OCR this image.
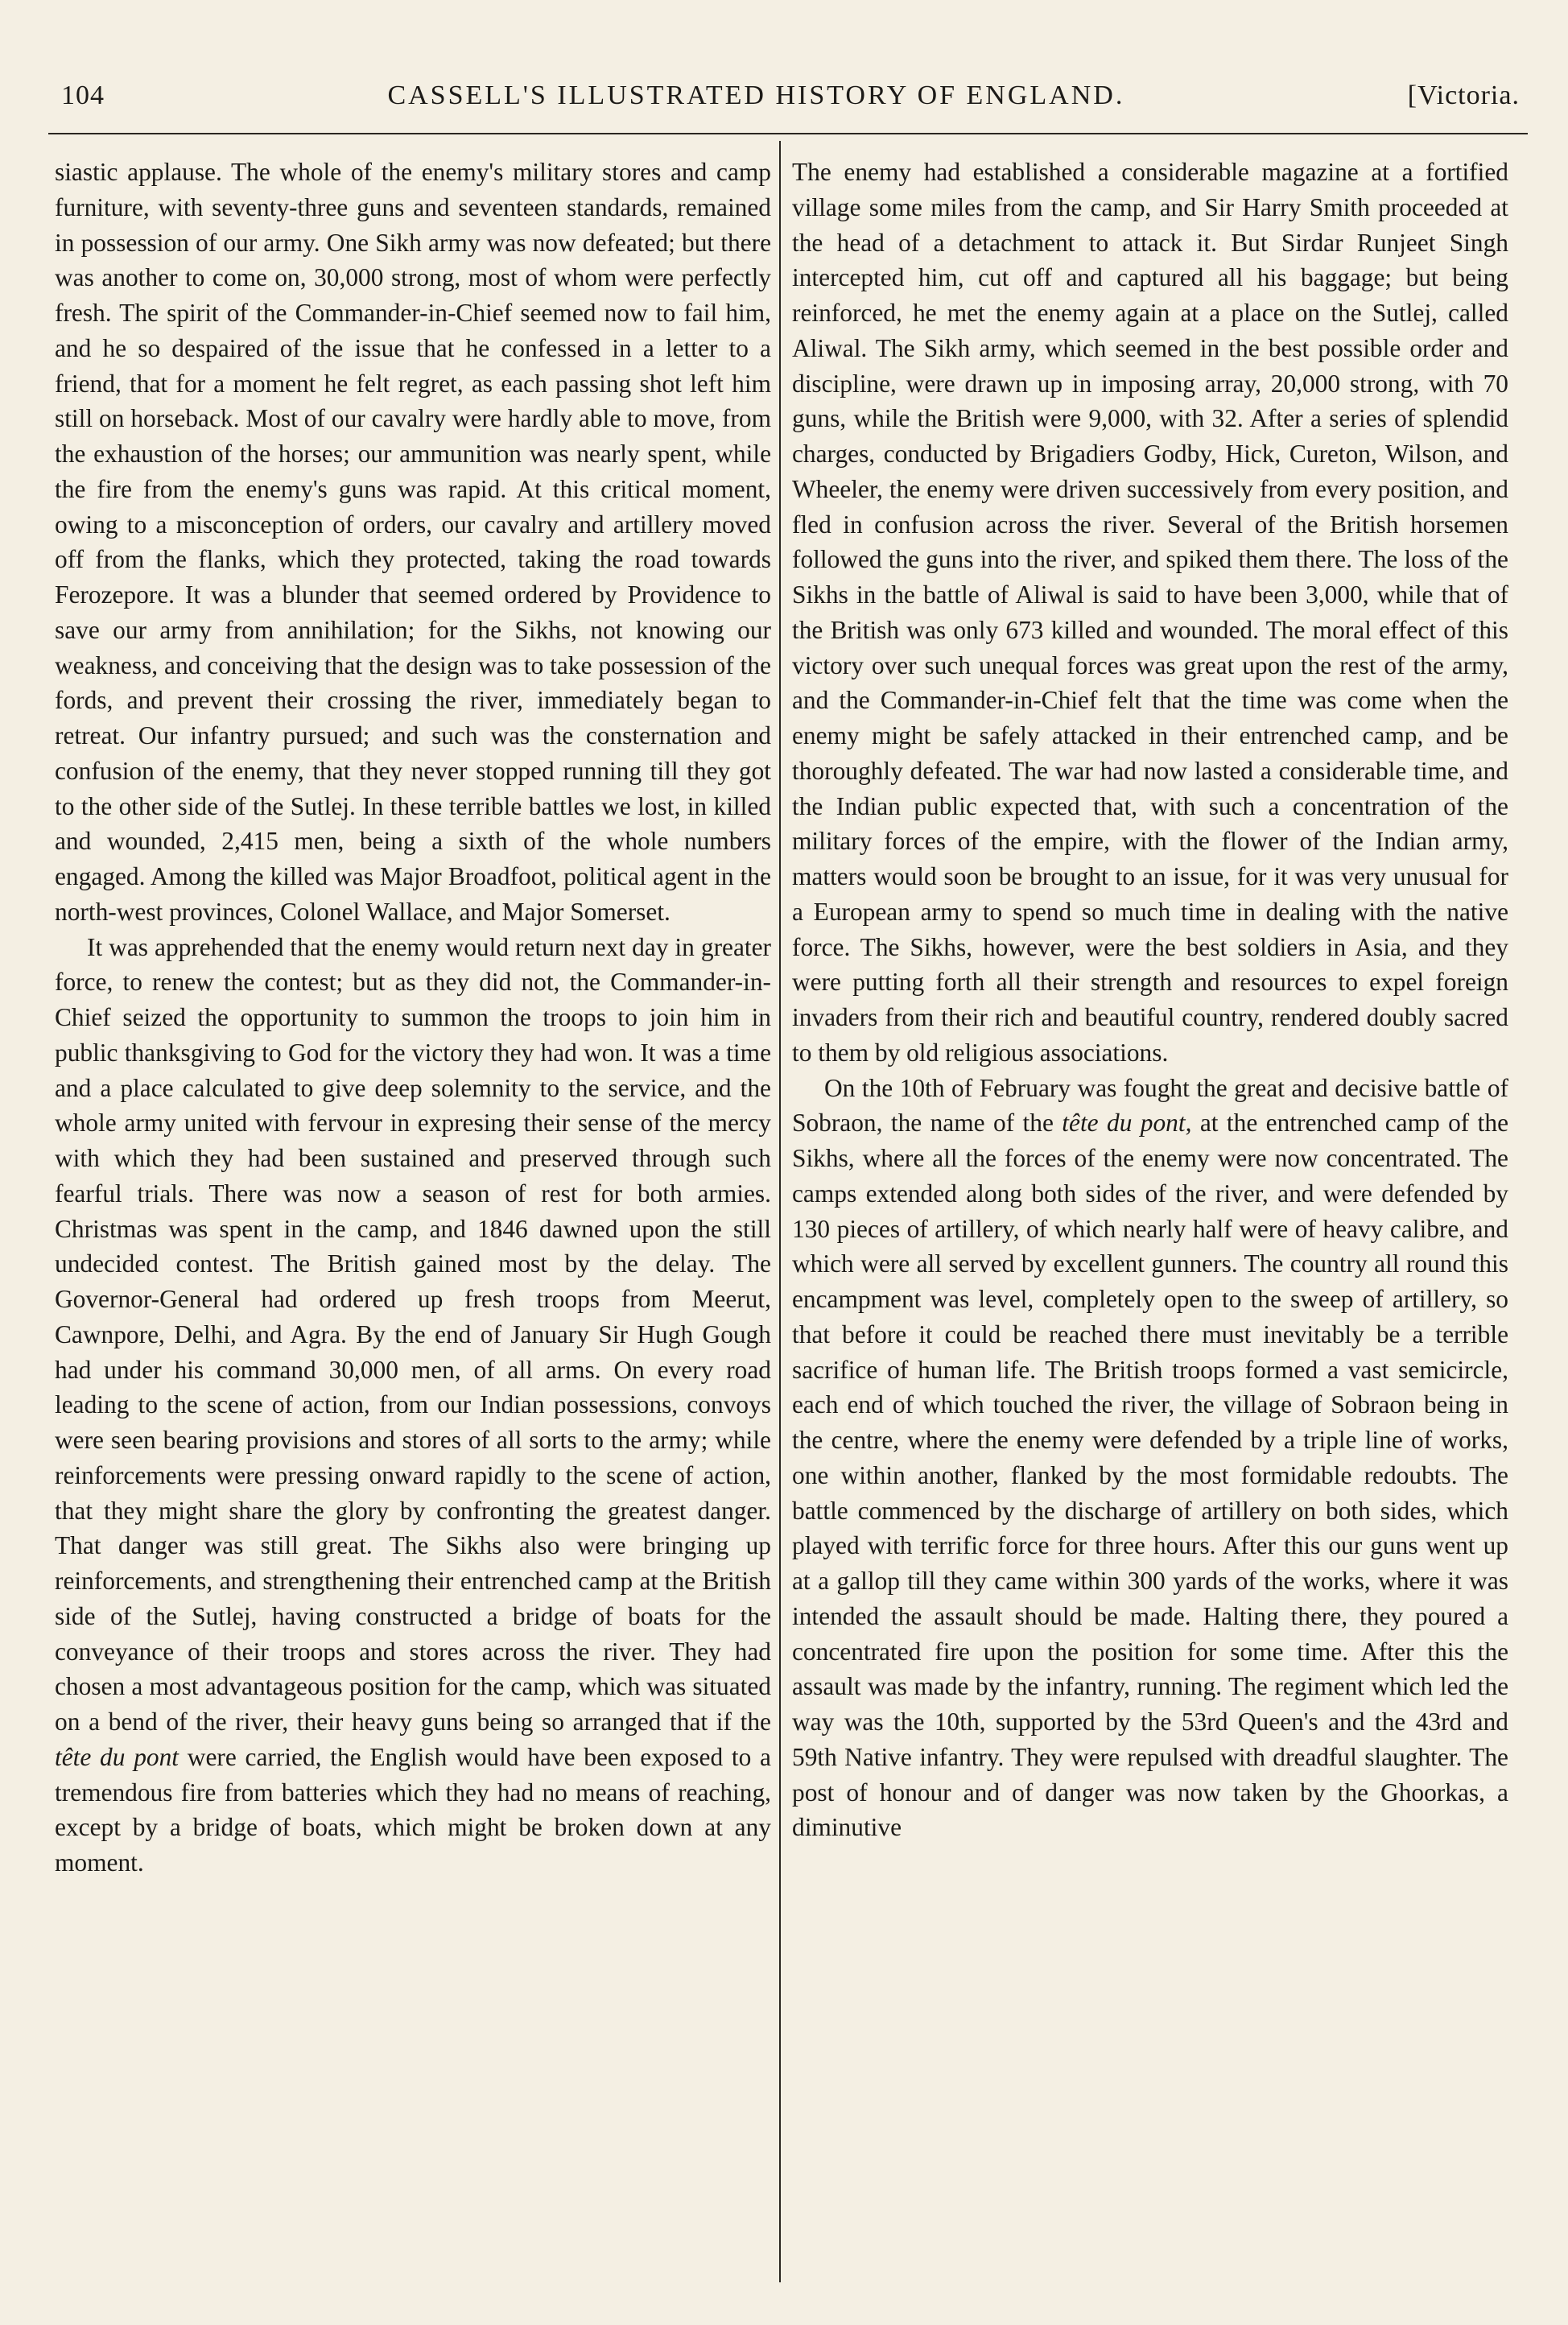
104	CASSELL'S ILLUSTRATED HISTORY OF ENGLAND.	[Victoria.

siastic applause. The whole of the enemy's military stores and camp furniture, with seventy-three guns and seventeen standards, remained in possession of our army. One Sikh army was now defeated; but there was another to come on, 30,000 strong, most of whom were perfectly fresh. The spirit of the Commander-in-Chief seemed now to fail him, and he so despaired of the issue that he confessed in a letter to a friend, that for a moment he felt regret, as each passing shot left him still on horseback. Most of our cavalry were hardly able to move, from the exhaustion of the horses; our ammunition was nearly spent, while the fire from the enemy's guns was rapid. At this critical moment, owing to a misconception of orders, our cavalry and artillery moved off from the flanks, which they protected, taking the road towards Ferozepore. It was a blunder that seemed ordered by Providence to save our army from annihilation; for the Sikhs, not knowing our weakness, and conceiving that the design was to take possession of the fords, and prevent their crossing the river, immediately began to retreat. Our infantry pursued; and such was the consternation and confusion of the enemy, that they never stopped running till they got to the other side of the Sutlej. In these terrible battles we lost, in killed and wounded, 2,415 men, being a sixth of the whole numbers engaged. Among the killed was Major Broadfoot, political agent in the north-west provinces, Colonel Wallace, and Major Somerset.

It was apprehended that the enemy would return next day in greater force, to renew the contest; but as they did not, the Commander-in-Chief seized the opportunity to summon the troops to join him in public thanksgiving to God for the victory they had won. It was a time and a place calculated to give deep solemnity to the service, and the whole army united with fervour in expresing their sense of the mercy with which they had been sustained and preserved through such fearful trials. There was now a season of rest for both armies. Christmas was spent in the camp, and 1846 dawned upon the still undecided contest. The British gained most by the delay. The Governor-General had ordered up fresh troops from Meerut, Cawnpore, Delhi, and Agra. By the end of January Sir Hugh Gough had under his command 30,000 men, of all arms. On every road leading to the scene of action, from our Indian possessions, convoys were seen bearing provisions and stores of all sorts to the army; while reinforcements were pressing onward rapidly to the scene of action, that they might share the glory by confronting the greatest danger. That danger was still great. The Sikhs also were bringing up reinforcements, and strengthening their entrenched camp at the British side of the Sutlej, having constructed a bridge of boats for the conveyance of their troops and stores across the river. They had chosen a most advantageous position for the camp, which was situated on a bend of the river, their heavy guns being so arranged that if the tête du pont were carried, the English would have been exposed to a tremendous fire from batteries which they had no means of reaching, except by a bridge of boats, which might be broken down at any moment.

The enemy had established a considerable magazine at a fortified village some miles from the camp, and Sir Harry Smith proceeded at the head of a detachment to attack it. But Sirdar Runjeet Singh intercepted him, cut off and captured all his baggage; but being reinforced, he met the enemy again at a place on the Sutlej, called Aliwal. The Sikh army, which seemed in the best possible order and discipline, were drawn up in imposing array, 20,000 strong, with 70 guns, while the British were 9,000, with 32. After a series of splendid charges, conducted by Brigadiers Godby, Hick, Cureton, Wilson, and Wheeler, the enemy were driven successively from every position, and fled in confusion across the river. Several of the British horsemen followed the guns into the river, and spiked them there. The loss of the Sikhs in the battle of Aliwal is said to have been 3,000, while that of the British was only 673 killed and wounded. The moral effect of this victory over such unequal forces was great upon the rest of the army, and the Commander-in-Chief felt that the time was come when the enemy might be safely attacked in their entrenched camp, and be thoroughly defeated. The war had now lasted a considerable time, and the Indian public expected that, with such a concentration of the military forces of the empire, with the flower of the Indian army, matters would soon be brought to an issue, for it was very unusual for a European army to spend so much time in dealing with the native force. The Sikhs, however, were the best soldiers in Asia, and they were putting forth all their strength and resources to expel foreign invaders from their rich and beautiful country, rendered doubly sacred to them by old religious associations.

On the 10th of February was fought the great and decisive battle of Sobraon, the name of the tête du pont, at the entrenched camp of the Sikhs, where all the forces of the enemy were now concentrated. The camps extended along both sides of the river, and were defended by 130 pieces of artillery, of which nearly half were of heavy calibre, and which were all served by excellent gunners. The country all round this encampment was level, completely open to the sweep of artillery, so that before it could be reached there must inevitably be a terrible sacrifice of human life. The British troops formed a vast semicircle, each end of which touched the river, the village of Sobraon being in the centre, where the enemy were defended by a triple line of works, one within another, flanked by the most formidable redoubts. The battle commenced by the discharge of artillery on both sides, which played with terrific force for three hours. After this our guns went up at a gallop till they came within 300 yards of the works, where it was intended the assault should be made. Halting there, they poured a concentrated fire upon the position for some time. After this the assault was made by the infantry, running. The regiment which led the way was the 10th, supported by the 53rd Queen's and the 43rd and 59th Native infantry. They were repulsed with dreadful slaughter. The post of honour and of danger was now taken by the Ghoorkas, a diminutive
